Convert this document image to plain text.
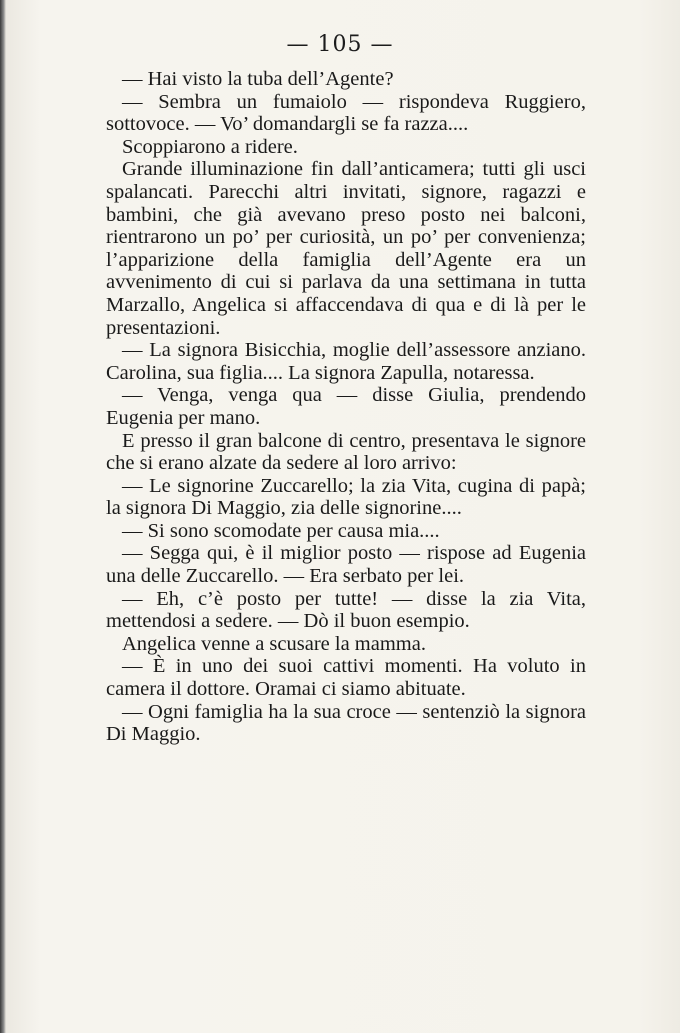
— 105 —

— Hai visto la tuba dell’Agente?

— Sembra un fumaiolo — rispondeva Ruggiero, sottovoce. — Vo’ domandargli se fa razza....

Scoppiarono a ridere.

Grande illuminazione fin dall’anticamera; tutti gli usci spalancati. Parecchi altri invitati, signore, ragazzi e bambini, che già avevano preso posto nei balconi, rientrarono un po’ per curiosità, un po’ per convenienza; l’apparizione della famiglia dell’Agente era un avvenimento di cui si parlava da una settimana in tutta Marzallo, Angelica si affaccendava di qua e di là per le presentazioni.

— La signora Bisicchia, moglie dell’assessore anziano. Carolina, sua figlia.... La signora Zapulla, notaressa.

— Venga, venga qua — disse Giulia, prendendo Eugenia per mano.

E presso il gran balcone di centro, presentava le signore che si erano alzate da sedere al loro arrivo:

— Le signorine Zuccarello; la zia Vita, cugina di papà; la signora Di Maggio, zia delle signorine....

— Si sono scomodate per causa mia....

— Segga qui, è il miglior posto — rispose ad Eugenia una delle Zuccarello. — Era serbato per lei.

— Eh, c’è posto per tutte! — disse la zia Vita, mettendosi a sedere. — Dò il buon esempio.

Angelica venne a scusare la mamma.

— È in uno dei suoi cattivi momenti. Ha voluto in camera il dottore. Oramai ci siamo abituate.

— Ogni famiglia ha la sua croce — sentenziò la signora Di Maggio.
